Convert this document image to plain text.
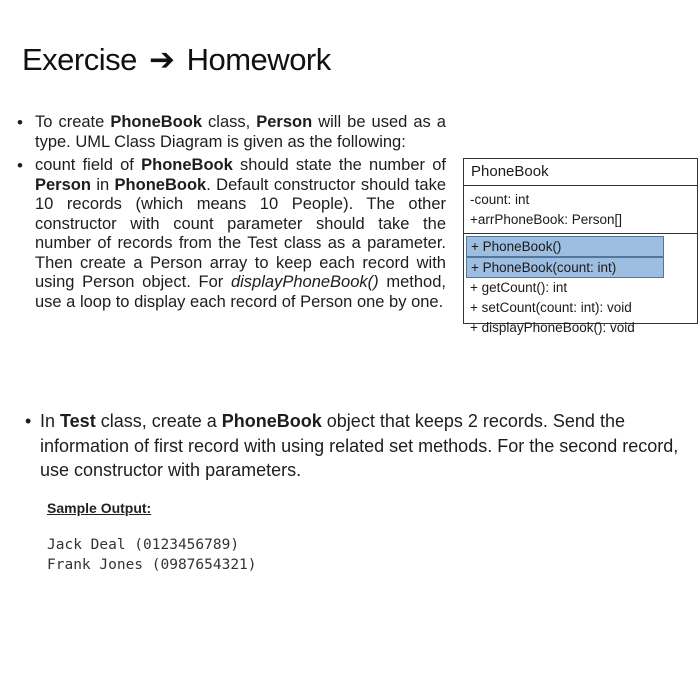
Exercise ➔ Homework

• To create PhoneBook class, Person will be used as a type. UML Class Diagram is given as the following:

• count field of PhoneBook should state the number of Person in PhoneBook. Default constructor should take 10 records (which means 10 People). The other constructor with count parameter should take the number of records from the Test class as a parameter. Then create a Person array to keep each record with using Person object. For displayPhoneBook() method, use a loop to display each record of Person one by one.

PhoneBook
-count: int
+arrPhoneBook: Person[]
+ PhoneBook()
+ PhoneBook(count: int)
+ getCount(): int
+ setCount(count: int): void
+ displayPhoneBook(): void
• In Test class, create a PhoneBook object that keeps 2 records. Send the information of first record with using related set methods. For the second record, use constructor with parameters.
Sample Output:
Jack Deal (0123456789)
Frank Jones (0987654321)
